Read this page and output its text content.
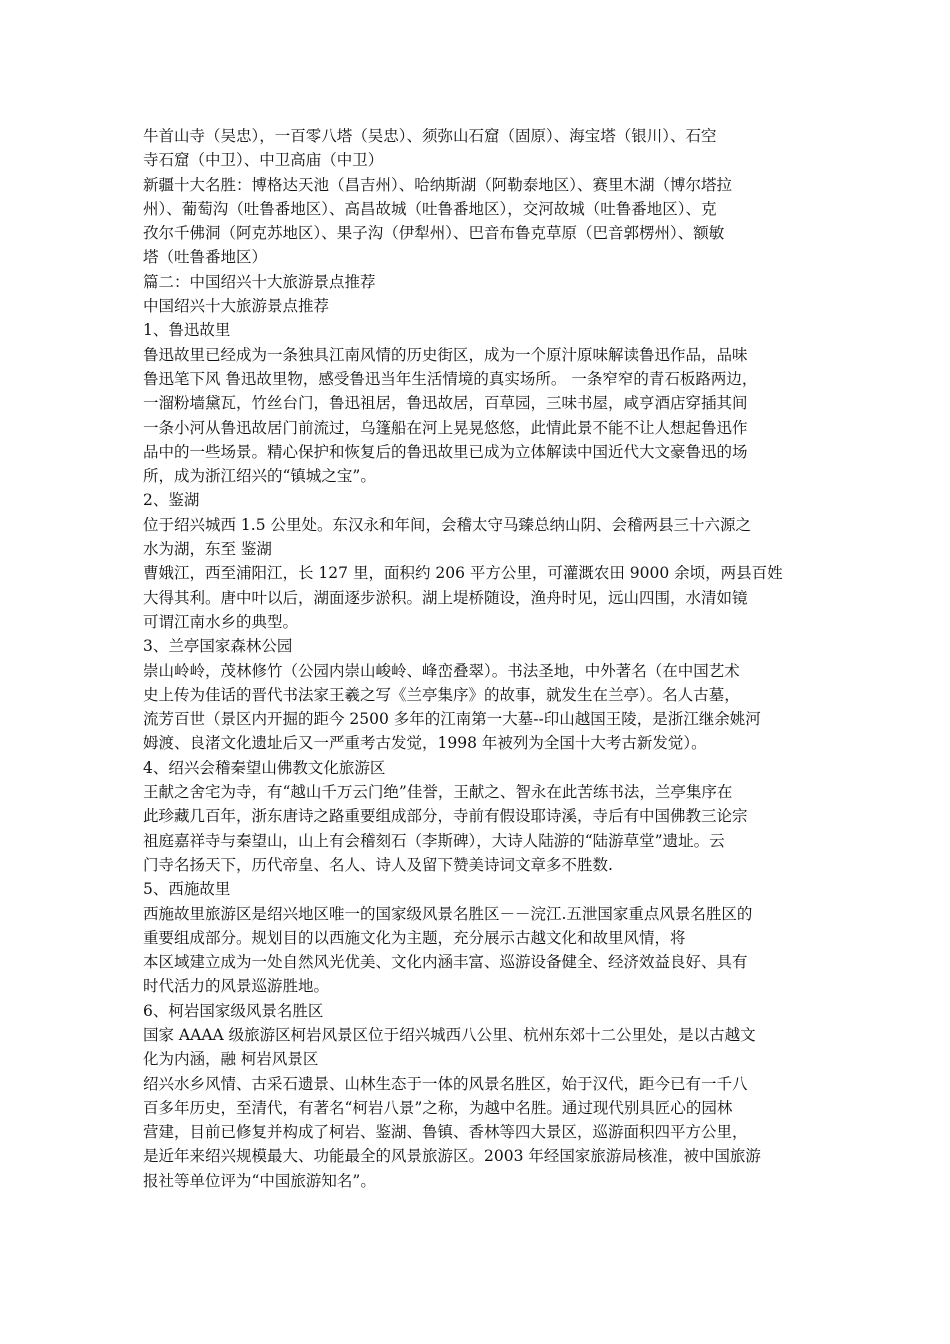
牛首山寺（吴忠），一百零八塔（吴忠）、须弥山石窟（固原）、海宝塔（银川）、石空
寺石窟（中卫）、中卫高庙（中卫）
新疆十大名胜：博格达天池（昌吉州）、哈纳斯湖（阿勒泰地区）、赛里木湖（博尔塔拉
州）、葡萄沟（吐鲁番地区）、高昌故城（吐鲁番地区），交河故城（吐鲁番地区）、克
孜尔千佛洞（阿克苏地区）、果子沟（伊犁州）、巴音布鲁克草原（巴音郭楞州）、额敏
塔（吐鲁番地区）
篇二：中国绍兴十大旅游景点推荐
中国绍兴十大旅游景点推荐
1、鲁迅故里
鲁迅故里已经成为一条独具江南风情的历史街区，成为一个原汁原味解读鲁迅作品，品味
鲁迅笔下风 鲁迅故里物，感受鲁迅当年生活情境的真实场所。 一条窄窄的青石板路两边，
一溜粉墙黛瓦，竹丝台门，鲁迅祖居，鲁迅故居，百草园，三味书屋，咸亨酒店穿插其间
一条小河从鲁迅故居门前流过，乌篷船在河上晃晃悠悠，此情此景不能不让人想起鲁迅作
品中的一些场景。精心保护和恢复后的鲁迅故里已成为立体解读中国近代大文豪鲁迅的场
所，成为浙江绍兴的“镇城之宝”。
2、鉴湖
位于绍兴城西 1.5 公里处。东汉永和年间，会稽太守马臻总纳山阴、会稽两县三十六源之
水为湖，东至 鉴湖
曹娥江，西至浦阳江，长 127 里，面积约 206 平方公里，可灌溉农田 9000 余顷，两县百姓
大得其利。唐中叶以后，湖面逐步淤积。湖上堤桥随设，渔舟时见，远山四围，水清如镜
可谓江南水乡的典型。
3、兰亭国家森林公园
崇山岭岭，茂林修竹（公园内崇山峻岭、峰峦叠翠）。书法圣地，中外著名（在中国艺术
史上传为佳话的晋代书法家王羲之写《兰亭集序》的故事，就发生在兰亭）。名人古墓，
流芳百世（景区内开掘的距今 2500 多年的江南第一大墓--印山越国王陵，是浙江继余姚河
姆渡、良渚文化遗址后又一严重考古发觉，1998 年被列为全国十大考古新发觉）。
4、绍兴会稽秦望山佛教文化旅游区
王献之舍宅为寺，有“越山千万云门绝”佳誉，王献之、智永在此苦练书法，兰亭集序在
此珍藏几百年，浙东唐诗之路重要组成部分，寺前有假设耶诗溪，寺后有中国佛教三论宗
祖庭嘉祥寺与秦望山，山上有会稽刻石（李斯碑），大诗人陆游的“陆游草堂”遗址。云
门寺名扬天下，历代帝皇、名人、诗人及留下赞美诗词文章多不胜数.
5、西施故里
西施故里旅游区是绍兴地区唯一的国家级风景名胜区－－浣江.五泄国家重点风景名胜区的
重要组成部分。规划目的以西施文化为主题，充分展示古越文化和故里风情，将
本区域建立成为一处自然风光优美、文化内涵丰富、巡游设备健全、经济效益良好、具有
时代活力的风景巡游胜地。
6、柯岩国家级风景名胜区
国家 AAAA 级旅游区柯岩风景区位于绍兴城西八公里、杭州东郊十二公里处，是以古越文
化为内涵，融 柯岩风景区
绍兴水乡风情、古采石遗景、山林生态于一体的风景名胜区，始于汉代，距今已有一千八
百多年历史，至清代，有著名“柯岩八景”之称，为越中名胜。通过现代别具匠心的园林
营建，目前已修复并构成了柯岩、鉴湖、鲁镇、香林等四大景区，巡游面积四平方公里，
是近年来绍兴规模最大、功能最全的风景旅游区。2003 年经国家旅游局核准，被中国旅游
报社等单位评为“中国旅游知名”。
